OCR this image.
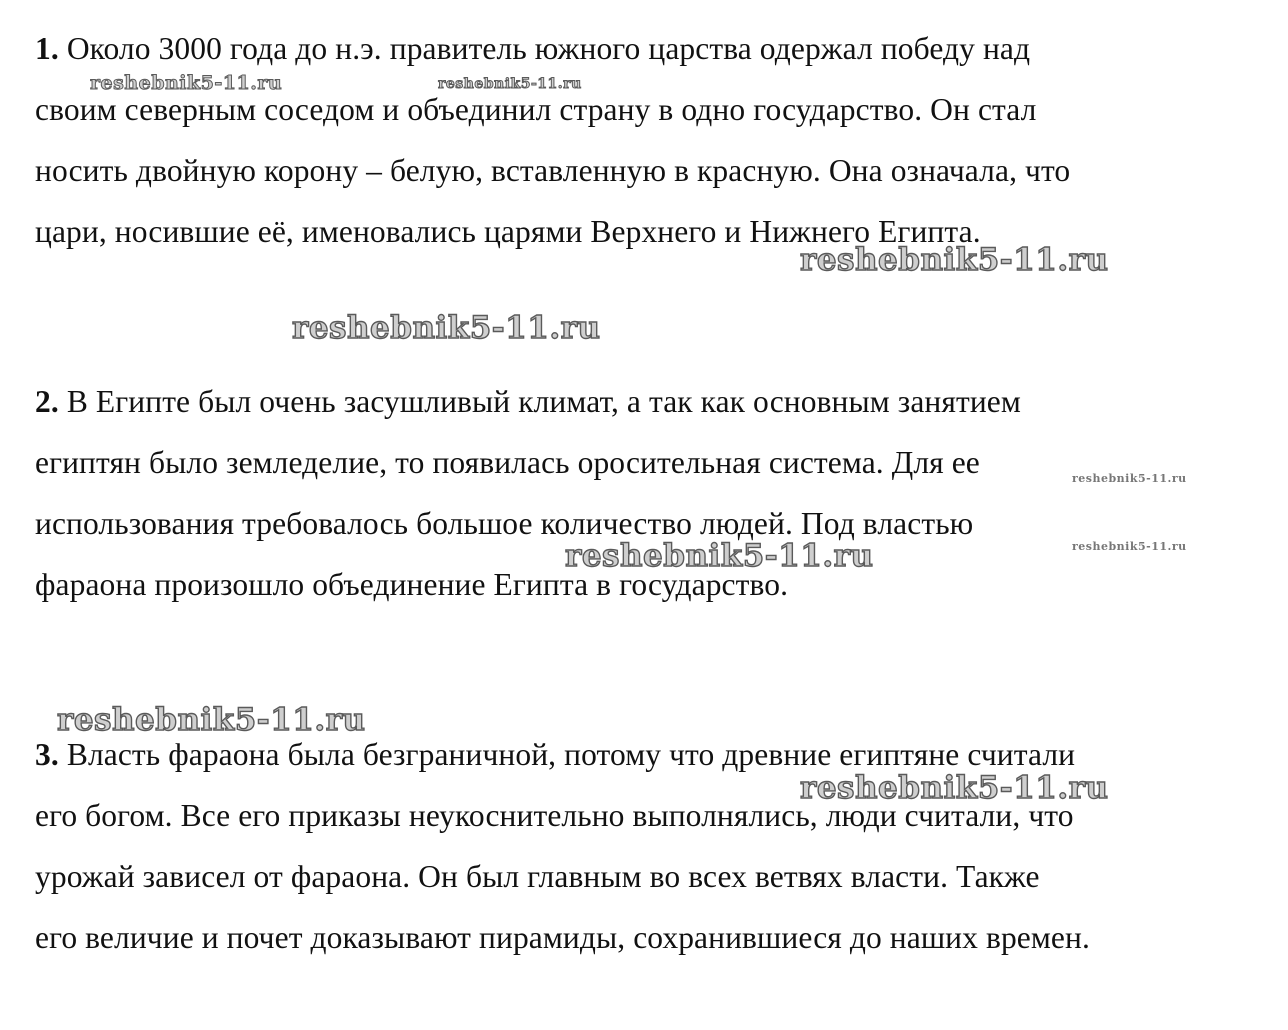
1. Около 3000 года до н.э. правитель южного царства одержал победу над
своим северным соседом и объединил страну в одно государство. Он стал
носить двойную корону – белую, вставленную в красную. Она означала, что
цари, носившие её, именовались царями Верхнего и Нижнего Египта.
2. В Египте был очень засушливый климат, а так как основным занятием
египтян было земледелие, то появилась оросительная система. Для ее
использования требовалось большое количество людей. Под властью
фараона произошло объединение Египта в государство.
3. Власть фараона была безграничной, потому что древние египтяне считали
его богом. Все его приказы неукоснительно выполнялись, люди считали, что
урожай зависел от фараона. Он был главным во всех ветвях власти. Также
его величие и почет доказывают пирамиды, сохранившиеся до наших времен.
reshebnik5-11.ru	reshebnik5-11.ru
reshebnik5-11.ru
reshebnik5-11.ru
reshebnik5-11.ru
reshebnik5-11.ru
reshebnik5-11.ru
reshebnik5-11.ru
reshebnik5-11.ru
